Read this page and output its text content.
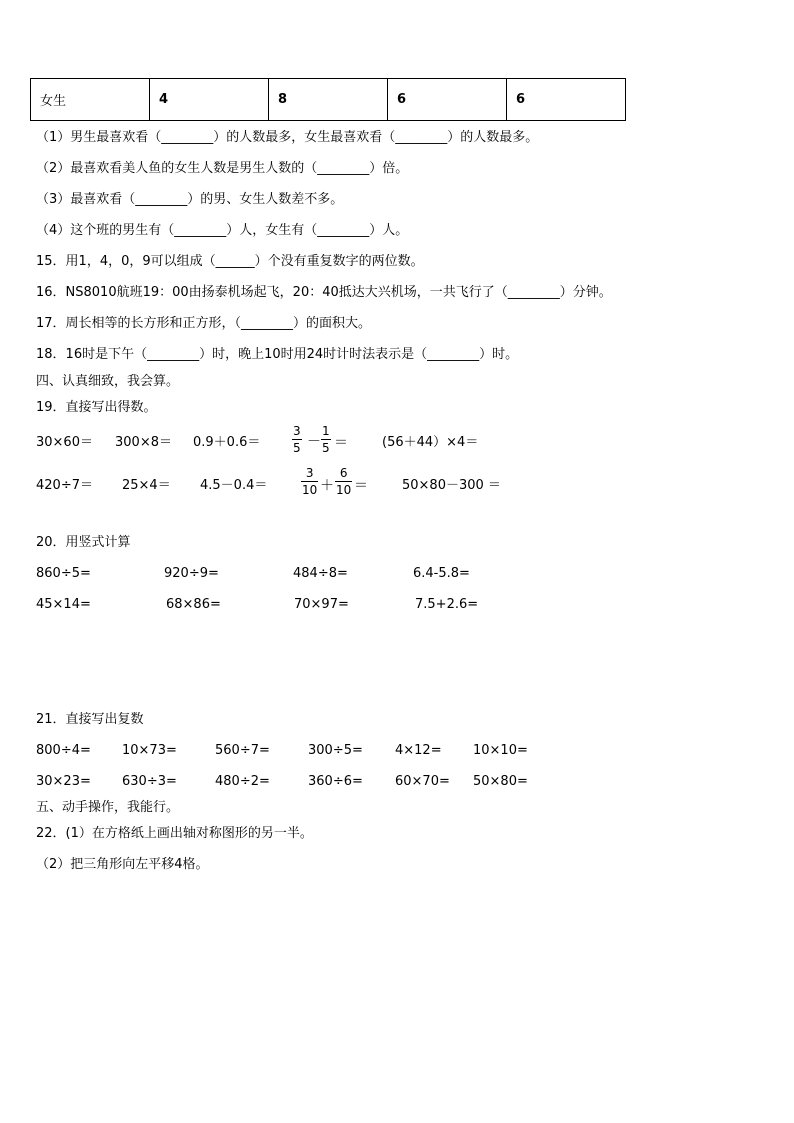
女生	4	8	6	6
（1）男生最喜欢看（________）的人数最多，女生最喜欢看（________）的人数最多。
（2）最喜欢看美人鱼的女生人数是男生人数的（________）倍。
（3）最喜欢看（________）的男、女生人数差不多。
（4）这个班的男生有（________）人，女生有（________）人。
15．用1，4，0，9可以组成（______）个没有重复数字的两位数。
16．NS8010航班19：00由扬泰机场起飞，20：40抵达大兴机场，一共飞行了（________）分钟。
17．周长相等的长方形和正方形，（________）的面积大。
18．16时是下午（________）时，晚上10时用24时计时法表示是（________）时。
四、认真细致，我会算。
19．直接写出得数。
30×60＝ 300×8＝ 0.9＋0.6＝	$\frac{3}{5} - \frac{1}{5}$ ＝	(56＋44）×4＝
420÷7＝ 25×4＝ 4.5－0.4＝	$\frac{3}{10} + \frac{6}{10}$ ＝	50×80－300 ＝
20．用竖式计算
860÷5=	920÷9=	484÷8=	6.4-5.8=
45×14=	68×86=	70×97=	7.5+2.6=
21．直接写出复数
800÷4= 10×73=	560÷7=	300÷5= 4×12= 10×10=
30×23= 630÷3=	480÷2=	360÷6= 60×70= 50×80=
五、动手操作，我能行。
22．(1）在方格纸上画出轴对称图形的另一半。
（2）把三角形向左平移4格。
